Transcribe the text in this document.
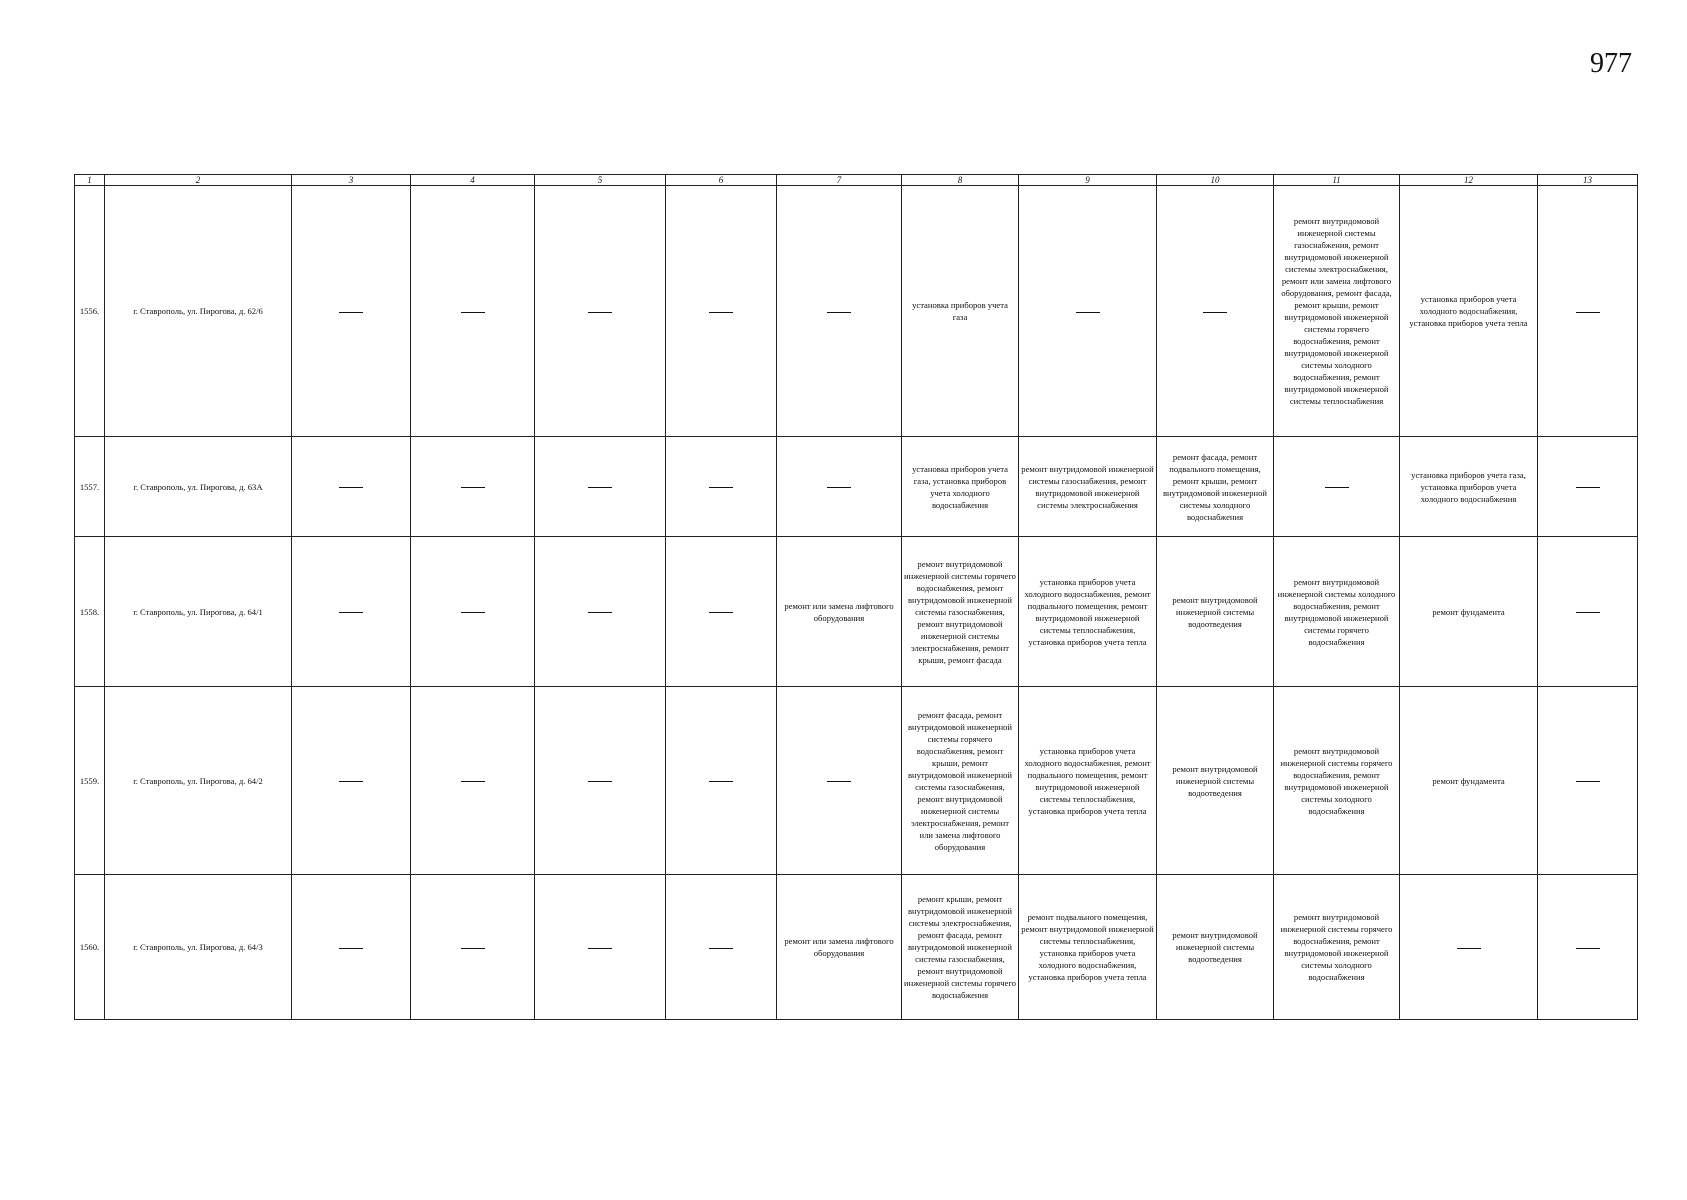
977
1	2	3	4	5	6	7	8	9	10	11	12	13
1556.	г. Ставрополь, ул. Пирогова, д. 62/6						установка приборов учета газа			ремонт внутридомовой инженерной системы газоснабжения, ремонт внутридомовой инженерной системы электроснабжения, ремонт или замена лифтового оборудования, ремонт фасада, ремонт крыши, ремонт внутридомовой инженерной системы горячего водоснабжения, ремонт внутридомовой инженерной системы холодного водоснабжения, ремонт внутридомовой инженерной системы теплоснабжения	установка приборов учета холодного водоснабжения, установка приборов учета тепла	
1557.	г. Ставрополь, ул. Пирогова, д. 63А						установка приборов учета газа, установка приборов учета холодного водоснабжения	ремонт внутридомовой инженерной системы газоснабжения, ремонт внутридомовой инженерной системы электроснабжения	ремонт фасада, ремонт подвального помещения, ремонт крыши, ремонт внутридомовой инженерной системы холодного водоснабжения		установка приборов учета газа, установка приборов учета холодного водоснабжения	
1558.	г. Ставрополь, ул. Пирогова, д. 64/1					ремонт или замена лифтового оборудования	ремонт внутридомовой инженерной системы горячего водоснабжения, ремонт внутридомовой инженерной системы газоснабжения, ремонт внутридомовой инженерной системы электроснабжения, ремонт крыши, ремонт фасада	установка приборов учета холодного водоснабжения, ремонт подвального помещения, ремонт внутридомовой инженерной системы теплоснабжения, установка приборов учета тепла	ремонт внутридомовой инженерной системы водоотведения	ремонт внутридомовой инженерной системы холодного водоснабжения, ремонт внутридомовой инженерной системы горячего водоснабжения	ремонт фундамента	
1559.	г. Ставрополь, ул. Пирогова, д. 64/2						ремонт фасада, ремонт внутридомовой инженерной системы горячего водоснабжения, ремонт крыши, ремонт внутридомовой инженерной системы газоснабжения, ремонт внутридомовой инженерной системы электроснабжения, ремонт или замена лифтового оборудования	установка приборов учета холодного водоснабжения, ремонт подвального помещения, ремонт внутридомовой инженерной системы теплоснабжения, установка приборов учета тепла	ремонт внутридомовой инженерной системы водоотведения	ремонт внутридомовой инженерной системы горячего водоснабжения, ремонт внутридомовой инженерной системы холодного водоснабжения	ремонт фундамента	
1560.	г. Ставрополь, ул. Пирогова, д. 64/3					ремонт или замена лифтового оборудования	ремонт крыши, ремонт внутридомовой инженерной системы электроснабжения, ремонт фасада, ремонт внутридомовой инженерной системы газоснабжения, ремонт внутридомовой инженерной системы горячего водоснабжения	ремонт подвального помещения, ремонт внутридомовой инженерной системы теплоснабжения, установка приборов учета холодного водоснабжения, установка приборов учета тепла	ремонт внутридомовой инженерной системы водоотведения	ремонт внутридомовой инженерной системы горячего водоснабжения, ремонт внутридомовой инженерной системы холодного водоснабжения		
